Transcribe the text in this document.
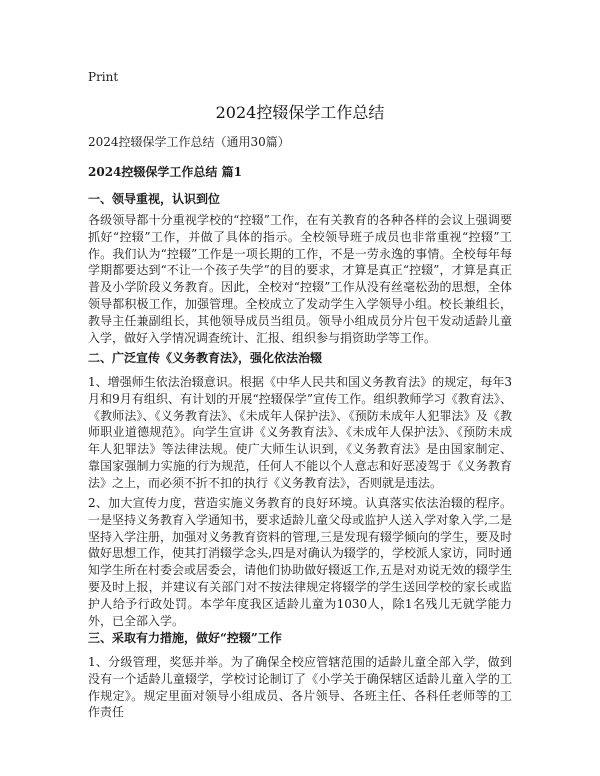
Print
2024控辍保学工作总结
2024控辍保学工作总结（通用30篇）
2024控辍保学工作总结 篇1
一、领导重视，认识到位
各级领导都十分重视学校的“控辍”工作，在有关教育的各种各样的会议上强调要抓好“控辍”工作，并做了具体的指示。全校领导班子成员也非常重视“控辍”工作。我们认为“控辍”工作是一项长期的工作，不是一劳永逸的事情。全校每年每学期都要达到“不让一个孩子失学”的目的要求，才算是真正“控辍”，才算是真正普及小学阶段义务教育。因此，全校对“控辍”工作从没有丝毫松劲的思想，全体领导都积极工作，加强管理。全校成立了发动学生入学领导小组。校长兼组长，教导主任兼副组长，其他领导成员当组员。领导小组成员分片包干发动适龄儿童入学，做好入学情况调查统计、汇报、组织参与捐资助学等工作。
二、广泛宣传《义务教育法》，强化依法治辍
1、增强师生依法治辍意识。根据《中华人民共和国义务教育法》的规定，每年3月和9月有组织、有计划的开展“控辍保学”宣传工作。组织教师学习《教育法》、《教师法》、《义务教育法》、《未成年人保护法》、《预防未成年人犯罪法》及《教师职业道德规范》。向学生宣讲《义务教育法》、《未成年人保护法》、《预防未成年人犯罪法》等法律法规。使广大师生认识到，《义务教育法》是由国家制定、靠国家强制力实施的行为规范，任何人不能以个人意志和好恶凌驾于《义务教育法》之上，而必须不折不扣的执行《义务教育法》，否则就是违法。
2、加大宣传力度，营造实施义务教育的良好环境。认真落实依法治辍的程序。一是坚持义务教育入学通知书，要求适龄儿童父母或监护人送入学对象入学,二是坚持入学注册，加强对义务教育资料的管理,三是发现有辍学倾向的学生，要及时做好思想工作，使其打消辍学念头,四是对确认为辍学的，学校派人家访，同时通知学生所在村委会或居委会，请他们协助做好辍返工作,五是对劝说无效的辍学生要及时上报，并建议有关部门对不按法律规定将辍学的学生送回学校的家长或监护人给予行政处罚。本学年度我区适龄儿童为1030人，除1名残儿无就学能力外，已全部入学。
三、采取有力措施，做好“控辍”工作
1、分级管理，奖惩并举。为了确保全校应管辖范围的适龄儿童全部入学，做到没有一个适龄儿童辍学，学校讨论制订了《小学关于确保辖区适龄儿童入学的工作规定》。规定里面对领导小组成员、各片领导、各班主任、各科任老师等的工作责任
